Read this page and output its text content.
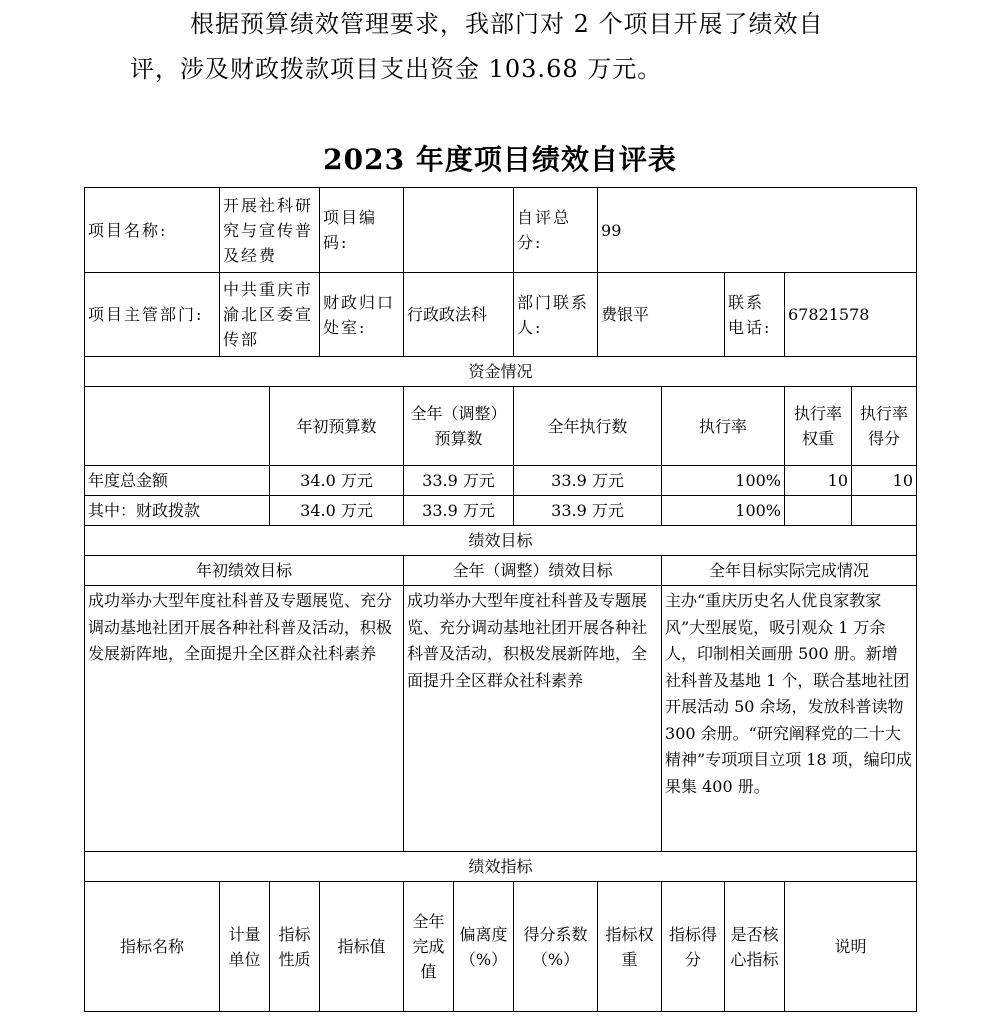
根据预算绩效管理要求，我部门对 2 个项目开展了绩效自
评，涉及财政拨款项目支出资金 103.68 万元。

2023 年度项目绩效自评表
项目名称:	开展社科研究与宣传普及经费		项目编码:			自评总分:	99				
项目主管部门:	中共重庆市渝北区委宣传部		财政归口处室:	行政政法科		部门联系人:	费银平		联系电话:	67821578	
资金情况											
		年初预算数		全年（调整）预算数		全年执行数		执行率		执行率权重	执行率得分
年度总金额		34.0 万元		33.9 万元		33.9 万元		100%		10	10
其中：财政拨款		34.0 万元		33.9 万元		33.9 万元		100%			
绩效目标											
年初绩效目标				全年（调整）绩效目标				全年目标实际完成情况			
成功举办大型年度社科普及专题展览、充分调动基地社团开展各种社科普及活动，积极发展新阵地，全面提升全区群众社科素养				成功举办大型年度社科普及专题展览、充分调动基地社团开展各种社科普及活动，积极发展新阵地，全面提升全区群众社科素养				主办“重庆历史名人优良家教家风”大型展览，吸引观众 1 万余人，印制相关画册 500 册。新增社科普及基地 1 个，联合基地社团开展活动 50 余场，发放科普读物 300 余册。“研究阐释党的二十大精神”专项项目立项 18 项，编印成果集 400 册。			
绩效指标											
指标名称	计量单位	指标性质	指标值	全年完成值	偏离度（%）	得分系数（%）	指标权重	指标得分	是否核心指标	说明	
